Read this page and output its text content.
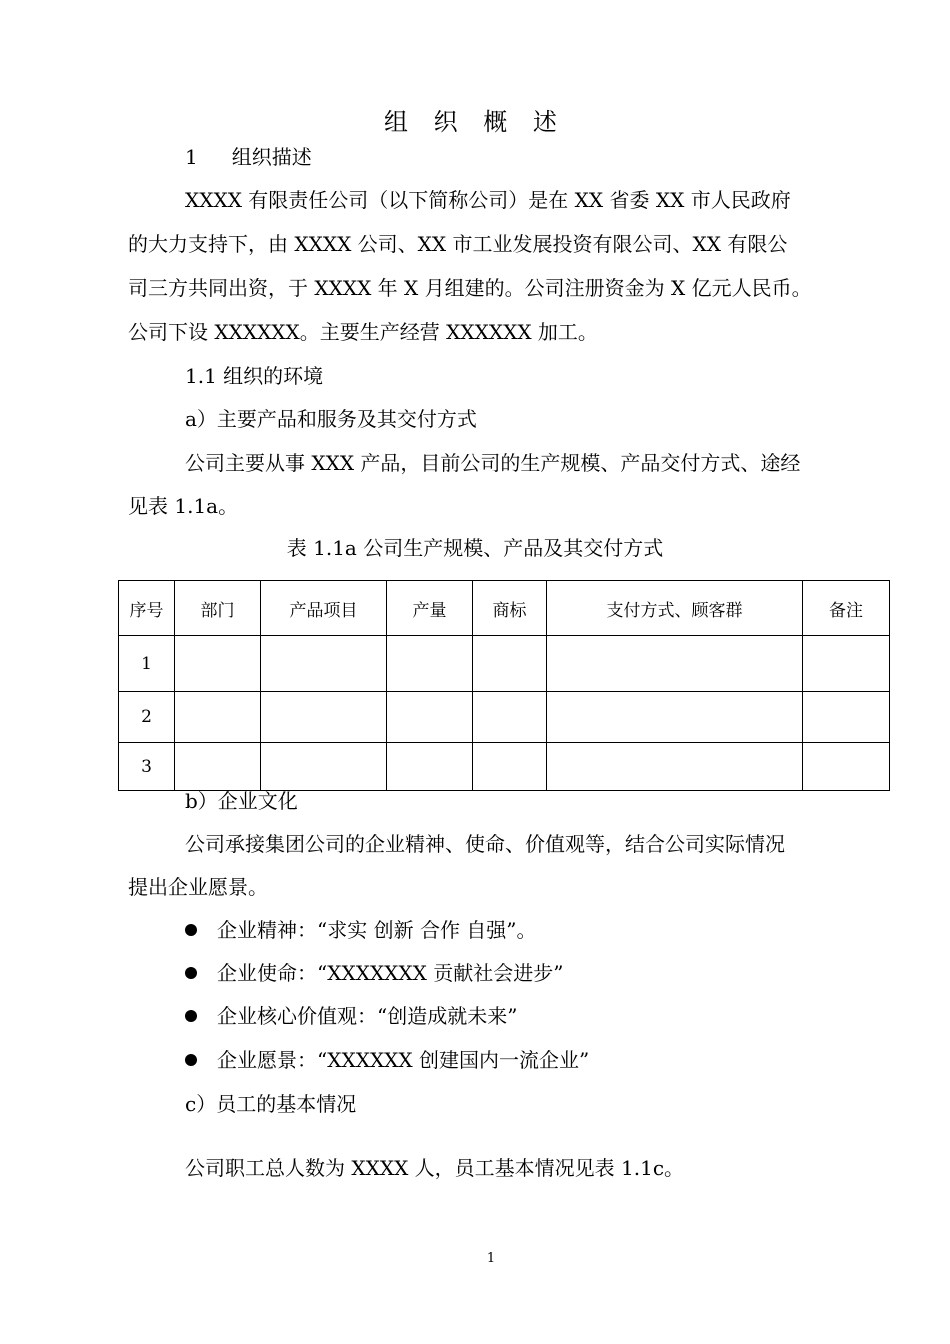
组 织 概 述
1 组织描述
XXXX 有限责任公司（以下简称公司）是在 XX 省委 XX 市人民政府
的大力支持下，由 XXXX 公司、XX 市工业发展投资有限公司、XX 有限公
司三方共同出资，于 XXXX 年 X 月组建的。公司注册资金为 X 亿元人民币。
公司下设 XXXXXX。主要生产经营 XXXXXX 加工。
1.1 组织的环境
a）主要产品和服务及其交付方式
公司主要从事 XXX 产品，目前公司的生产规模、产品交付方式、途经
见表 1.1a。
表 1.1a 公司生产规模、产品及其交付方式
序号	部门	产品项目	产量	商标	支付方式、顾客群	备注
1						
2						
3						
b）企业文化
公司承接集团公司的企业精神、使命、价值观等，结合公司实际情况
提出企业愿景。
企业精神：“求实 创新 合作 自强”。
企业使命：“XXXXXXX 贡献社会进步”
企业核心价值观：“创造成就未来”
企业愿景：“XXXXXX 创建国内一流企业”
c）员工的基本情况
公司职工总人数为 XXXX 人，员工基本情况见表 1.1c。
1
